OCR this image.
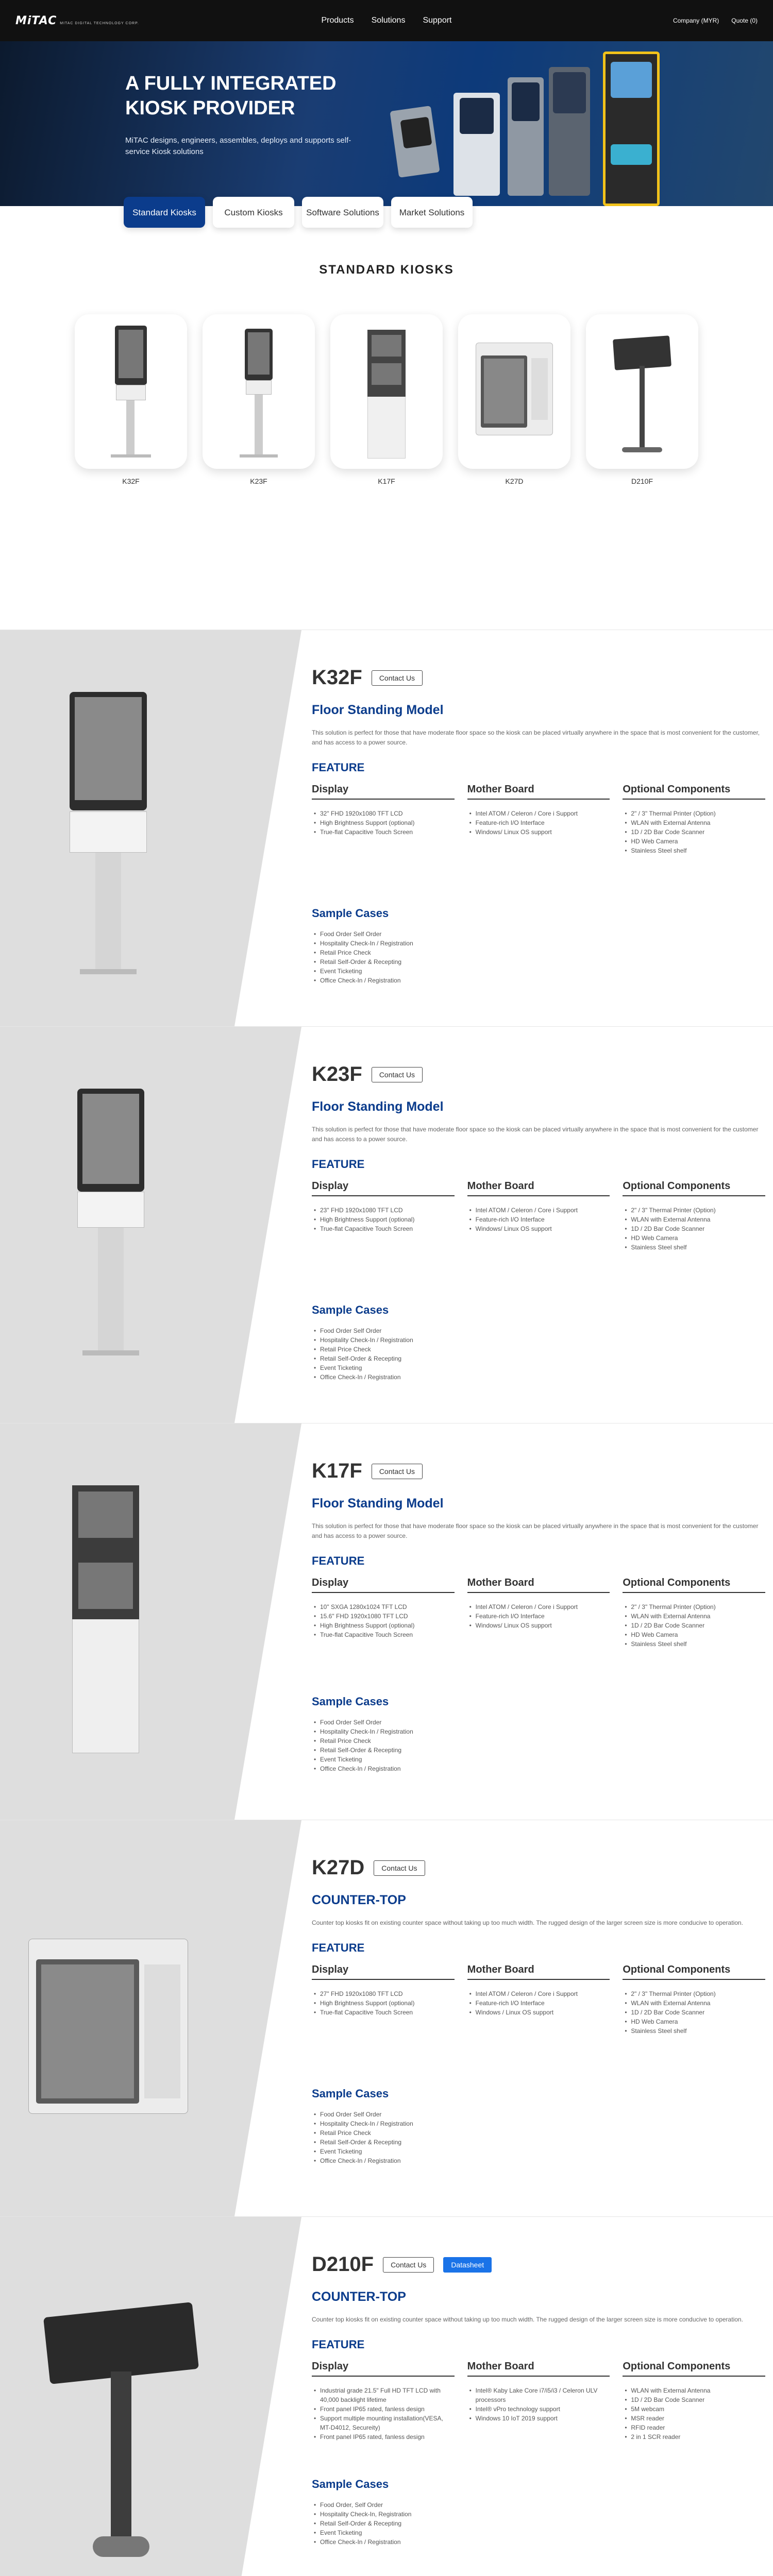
MiTAC MITAC DIGITAL TECHNOLOGY CORP.	Products Solutions Support	Company (MYR) Quote (0)
A FULLY INTEGRATED KIOSK PROVIDER

MiTAC designs, engineers, assembles, deploys and supports self-service Kiosk solutions

Standard Kiosks	Custom Kiosks	Software Solutions	Market Solutions
STANDARD KIOSKS
K32F	K23F	K17F	K27D	D210F
K32F	Contact Us
Floor Standing Model
This solution is perfect for those that have moderate floor space so the kiosk can be placed virtually anywhere in the space that is most convenient for the customer, and has access to a power source.
FEATURE
Display
• 32" FHD 1920x1080 TFT LCD
• High Brightness Support (optional)
• True-flat Capacitive Touch Screen
Mother Board
• Intel ATOM / Celeron / Core i Support
• Feature-rich I/O Interface
• Windows/ Linux OS support
Optional Components
• 2" / 3" Thermal Printer (Option)
• WLAN with External Antenna
• 1D / 2D Bar Code Scanner
• HD Web Camera
• Stainless Steel shelf
Sample Cases
• Food Order Self Order
• Hospitality Check-In / Registration
• Retail Price Check
• Retail Self-Order & Recepting
• Event Ticketing
• Office Check-In / Registration
K23F	Contact Us
Floor Standing Model
This solution is perfect for those that have moderate floor space so the kiosk can be placed virtually anywhere in the space that is most convenient for the customer and has access to a power source.
FEATURE
Display
• 23" FHD 1920x1080 TFT LCD
• High Brightness Support (optional)
• True-flat Capacitive Touch Screen
Mother Board
• Intel ATOM / Celeron / Core i Support
• Feature-rich I/O Interface
• Windows/ Linux OS support
Optional Components
• 2" / 3" Thermal Printer (Option)
• WLAN with External Antenna
• 1D / 2D Bar Code Scanner
• HD Web Camera
• Stainless Steel shelf
Sample Cases
• Food Order Self Order
• Hospitality Check-In / Registration
• Retail Price Check
• Retail Self-Order & Recepting
• Event Ticketing
• Office Check-In / Registration
K17F	Contact Us
Floor Standing Model
This solution is perfect for those that have moderate floor space so the kiosk can be placed virtually anywhere in the space that is most convenient for the customer and has access to a power source.
FEATURE
Display
• 10" SXGA 1280x1024 TFT LCD
• 15.6" FHD 1920x1080 TFT LCD
• High Brightness Support (optional)
• True-flat Capacitive Touch Screen
Mother Board
• Intel ATOM / Celeron / Core i Support
• Feature-rich I/O Interface
• Windows/ Linux OS support
Optional Components
• 2" / 3" Thermal Printer (Option)
• WLAN with External Antenna
• 1D / 2D Bar Code Scanner
• HD Web Camera
• Stainless Steel shelf
Sample Cases
• Food Order Self Order
• Hospitality Check-In / Registration
• Retail Price Check
• Retail Self-Order & Recepting
• Event Ticketing
• Office Check-In / Registration
K27D	Contact Us
COUNTER-TOP
Counter top kiosks fit on existing counter space without taking up too much width. The rugged design of the larger screen size is more conducive to operation.
FEATURE
Display
• 27" FHD 1920x1080 TFT LCD
• High Brightness Support (optional)
• True-flat Capacitive Touch Screen
Mother Board
• Intel ATOM / Celeron / Core i Support
• Feature-rich I/O Interface
• Windows / Linux OS support
Optional Components
• 2" / 3" Thermal Printer (Option)
• WLAN with External Antenna
• 1D / 2D Bar Code Scanner
• HD Web Camera
• Stainless Steel shelf
Sample Cases
• Food Order Self Order
• Hospitality Check-In / Registration
• Retail Price Check
• Retail Self-Order & Recepting
• Event Ticketing
• Office Check-In / Registration
D210F	Contact Us	Datasheet
COUNTER-TOP
Counter top kiosks fit on existing counter space without taking up too much width. The rugged design of the larger screen size is more conducive to operation.
FEATURE
Display
• Industrial grade 21.5" Full HD TFT LCD with 40,000 backlight lifetime
• Front panel IP65 rated, fanless design
• Support multiple mounting installation(VESA, MT-D4012, Secureity)
• Front panel IP65 rated, fanless design
Mother Board
• Intel® Kaby Lake Core i7/i5/i3 / Celeron ULV processors
• Intel® vPro technology support
• Windows 10 IoT 2019 support
Optional Components
• WLAN with External Antenna
• 1D / 2D Bar Code Scanner
• 5M webcam
• MSR reader
• RFID reader
• 2 in 1 SCR reader
Sample Cases
• Food Order, Self Order
• Hospitality Check-In, Registration
• Retail Self-Order & Recepting
• Event Ticketing
• Office Check-In / Registration
